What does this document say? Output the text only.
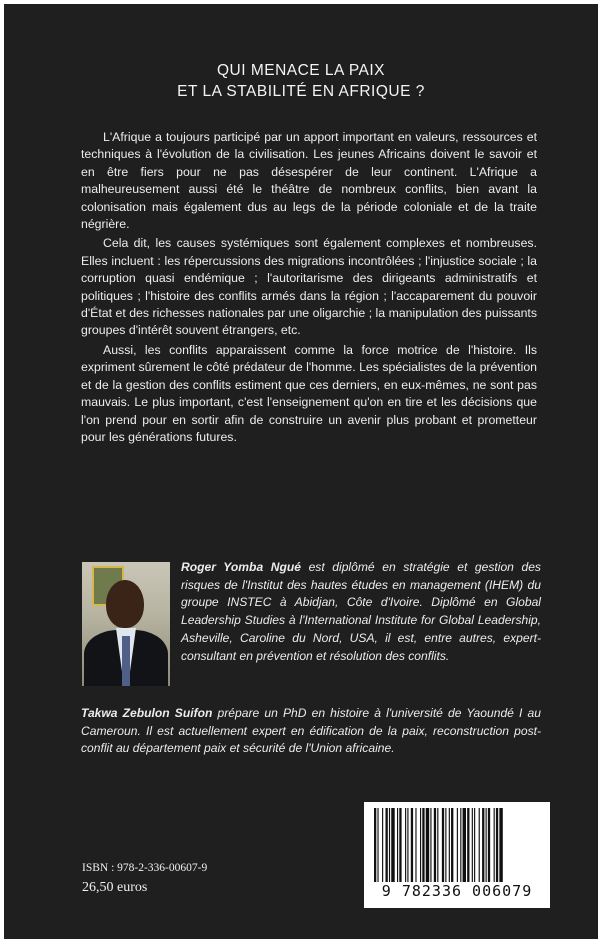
QUI MENACE LA PAIX
ET LA STABILITÉ EN AFRIQUE ?

L'Afrique a toujours participé par un apport important en valeurs, ressources et techniques à l'évolution de la civilisation. Les jeunes Africains doivent le savoir et en être fiers pour ne pas désespérer de leur continent. L'Afrique a malheureusement aussi été le théâtre de nombreux conflits, bien avant la colonisation mais également dus au legs de la période coloniale et de la traite négrière.

Cela dit, les causes systémiques sont également complexes et nombreuses. Elles incluent : les répercussions des migrations incontrôlées ; l'injustice sociale ; la corruption quasi endémique ; l'autoritarisme des dirigeants administratifs et politiques ; l'histoire des conflits armés dans la région ; l'accaparement du pouvoir d'État et des richesses nationales par une oligarchie ; la manipulation des puissants groupes d'intérêt souvent étrangers, etc.

Aussi, les conflits apparaissent comme la force motrice de l'histoire. Ils expriment sûrement le côté prédateur de l'homme. Les spécialistes de la prévention et de la gestion des conflits estiment que ces derniers, en eux-mêmes, ne sont pas mauvais. Le plus important, c'est l'enseignement qu'on en tire et les décisions que l'on prend pour en sortir afin de construire un avenir plus probant et prometteur pour les générations futures.

Roger Yomba Ngué est diplômé en stratégie et gestion des risques de l'Institut des hautes études en management (IHEM) du groupe INSTEC à Abidjan, Côte d'Ivoire. Diplômé en Global Leadership Studies à l'International Institute for Global Leadership, Asheville, Caroline du Nord, USA, il est, entre autres, expert-consultant en prévention et résolution des conflits.
Takwa Zebulon Suifon prépare un PhD en histoire à l'université de Yaoundé I au Cameroun. Il est actuellement expert en édification de la paix, reconstruction post-conflit au département paix et sécurité de l'Union africaine.
ISBN : 978-2-336-00607-9
26,50 euros	9 782336 006079
